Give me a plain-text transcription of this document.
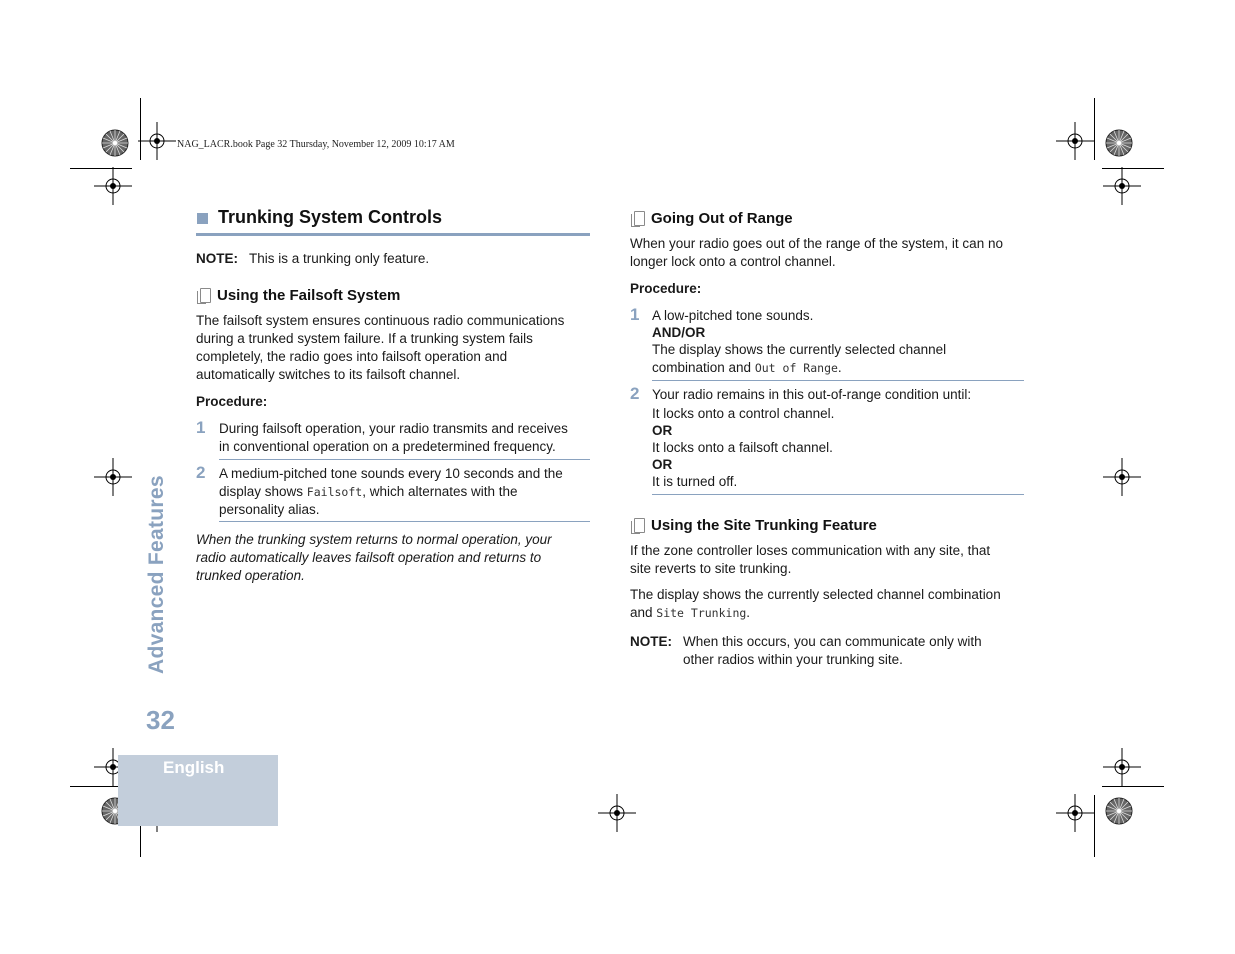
NAG_LACR.book Page 32 Thursday, November 12, 2009 10:17 AM
Advanced Features
32
English
Trunking System Controls
NOTE: This is a trunking only feature.
Using the Failsoft System
The failsoft system ensures continuous radio communications
during a trunked system failure. If a trunking system fails
completely, the radio goes into failsoft operation and
automatically switches to its failsoft channel.
Procedure:
1 During failsoft operation, your radio transmits and receives
in conventional operation on a predetermined frequency.
2 A medium-pitched tone sounds every 10 seconds and the
display shows Failsoft, which alternates with the
personality alias.
When the trunking system returns to normal operation, your
radio automatically leaves failsoft operation and returns to
trunked operation.
Going Out of Range
When your radio goes out of the range of the system, it can no
longer lock onto a control channel.
Procedure:
1 A low-pitched tone sounds.
AND/OR
The display shows the currently selected channel
combination and Out of Range.
2 Your radio remains in this out-of-range condition until:
It locks onto a control channel.
OR
It locks onto a failsoft channel.
OR
It is turned off.
Using the Site Trunking Feature
If the zone controller loses communication with any site, that
site reverts to site trunking.
The display shows the currently selected channel combination
and Site Trunking.
NOTE: When this occurs, you can communicate only with
other radios within your trunking site.
